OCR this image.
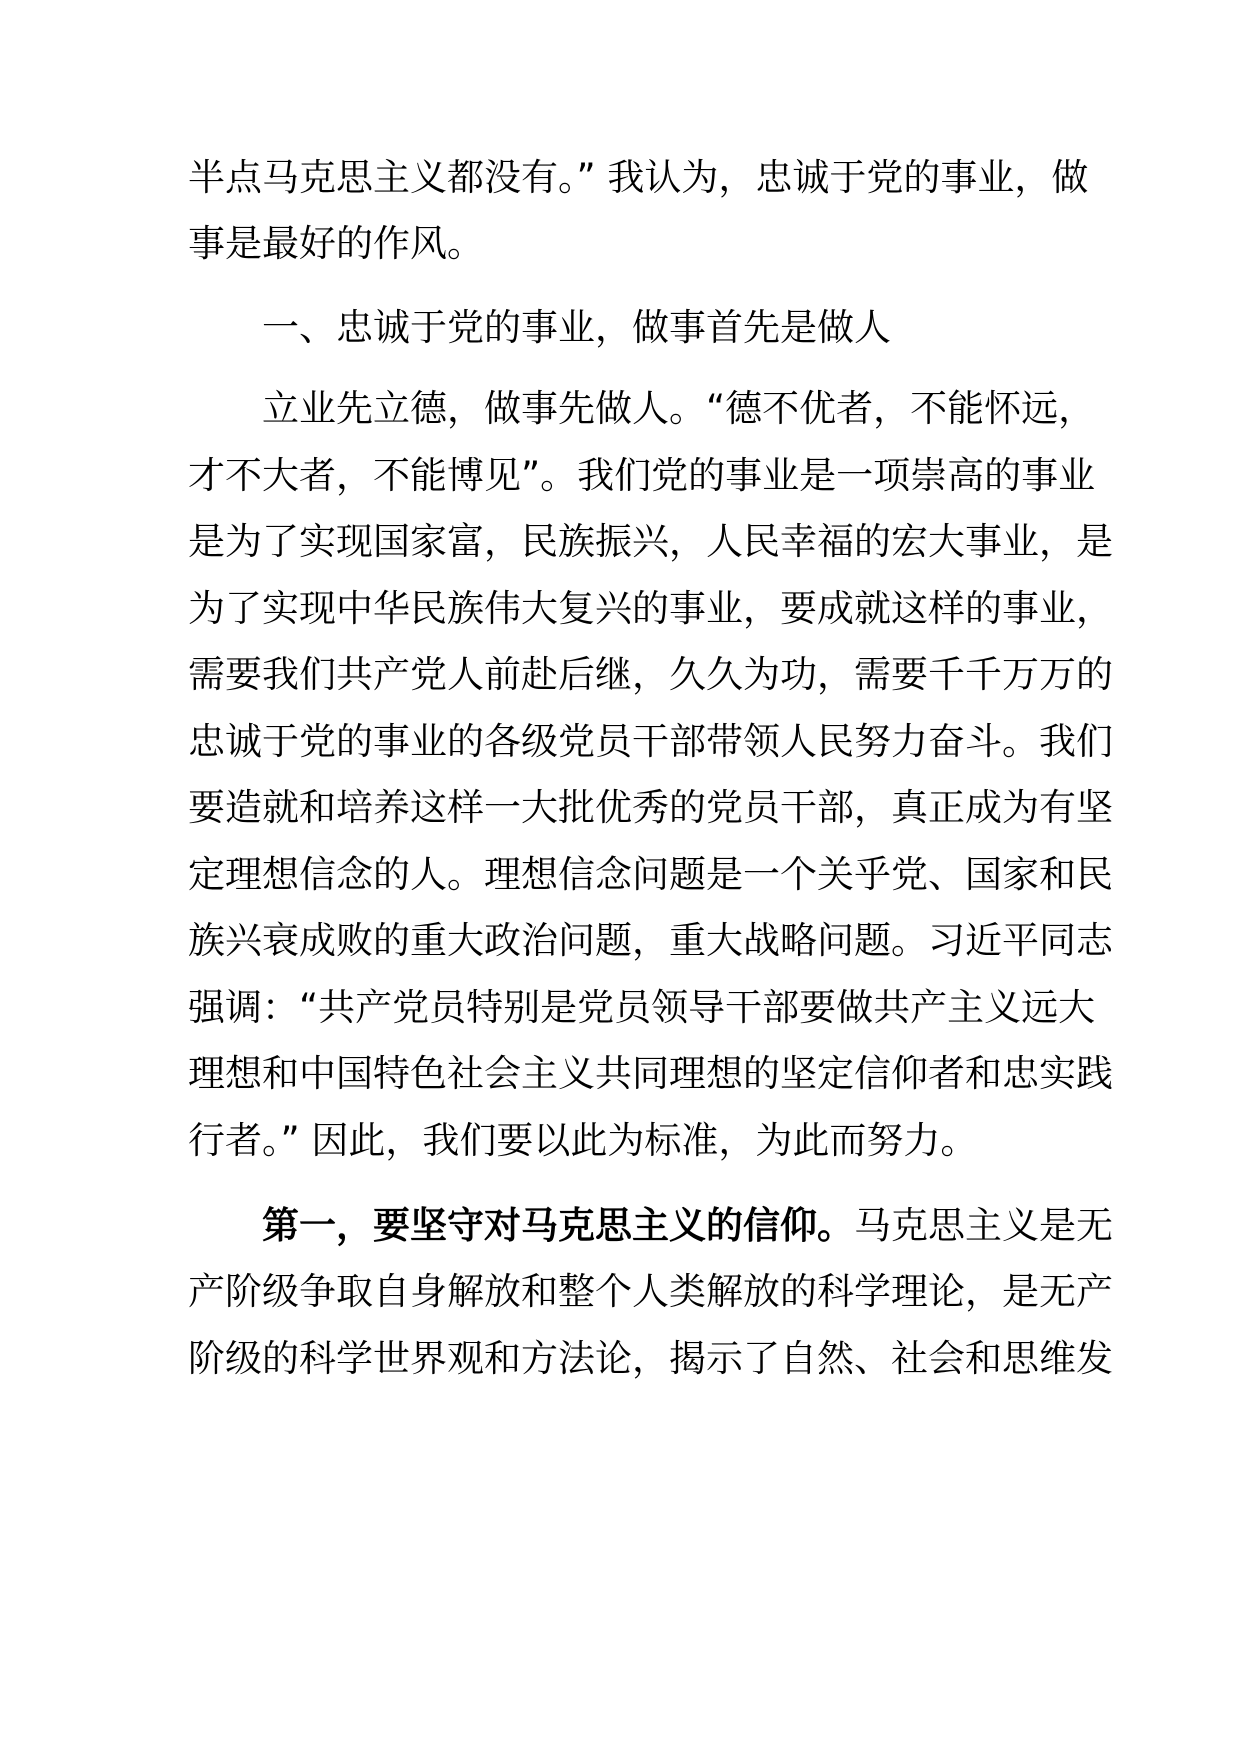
半点马克思主义都没有。” 我认为，忠诚于党的事业，做
事是最好的作风。
一、忠诚于党的事业，做事首先是做人
立业先立德，做事先做人。“德不优者，不能怀远，
才不大者，不能博见”。我们党的事业是一项崇高的事业
是为了实现国家富，民族振兴，人民幸福的宏大事业，是
为了实现中华民族伟大复兴的事业，要成就这样的事业，
需要我们共产党人前赴后继，久久为功，需要千千万万的
忠诚于党的事业的各级党员干部带领人民努力奋斗。我们
要造就和培养这样一大批优秀的党员干部，真正成为有坚
定理想信念的人。理想信念问题是一个关乎党、国家和民
族兴衰成败的重大政治问题，重大战略问题。习近平同志
强调：“共产党员特别是党员领导干部要做共产主义远大
理想和中国特色社会主义共同理想的坚定信仰者和忠实践
行者。” 因此，我们要以此为标准，为此而努力。
第一，要坚守对马克思主义的信仰。马克思主义是无
产阶级争取自身解放和整个人类解放的科学理论，是无产
阶级的科学世界观和方法论，揭示了自然、社会和思维发
